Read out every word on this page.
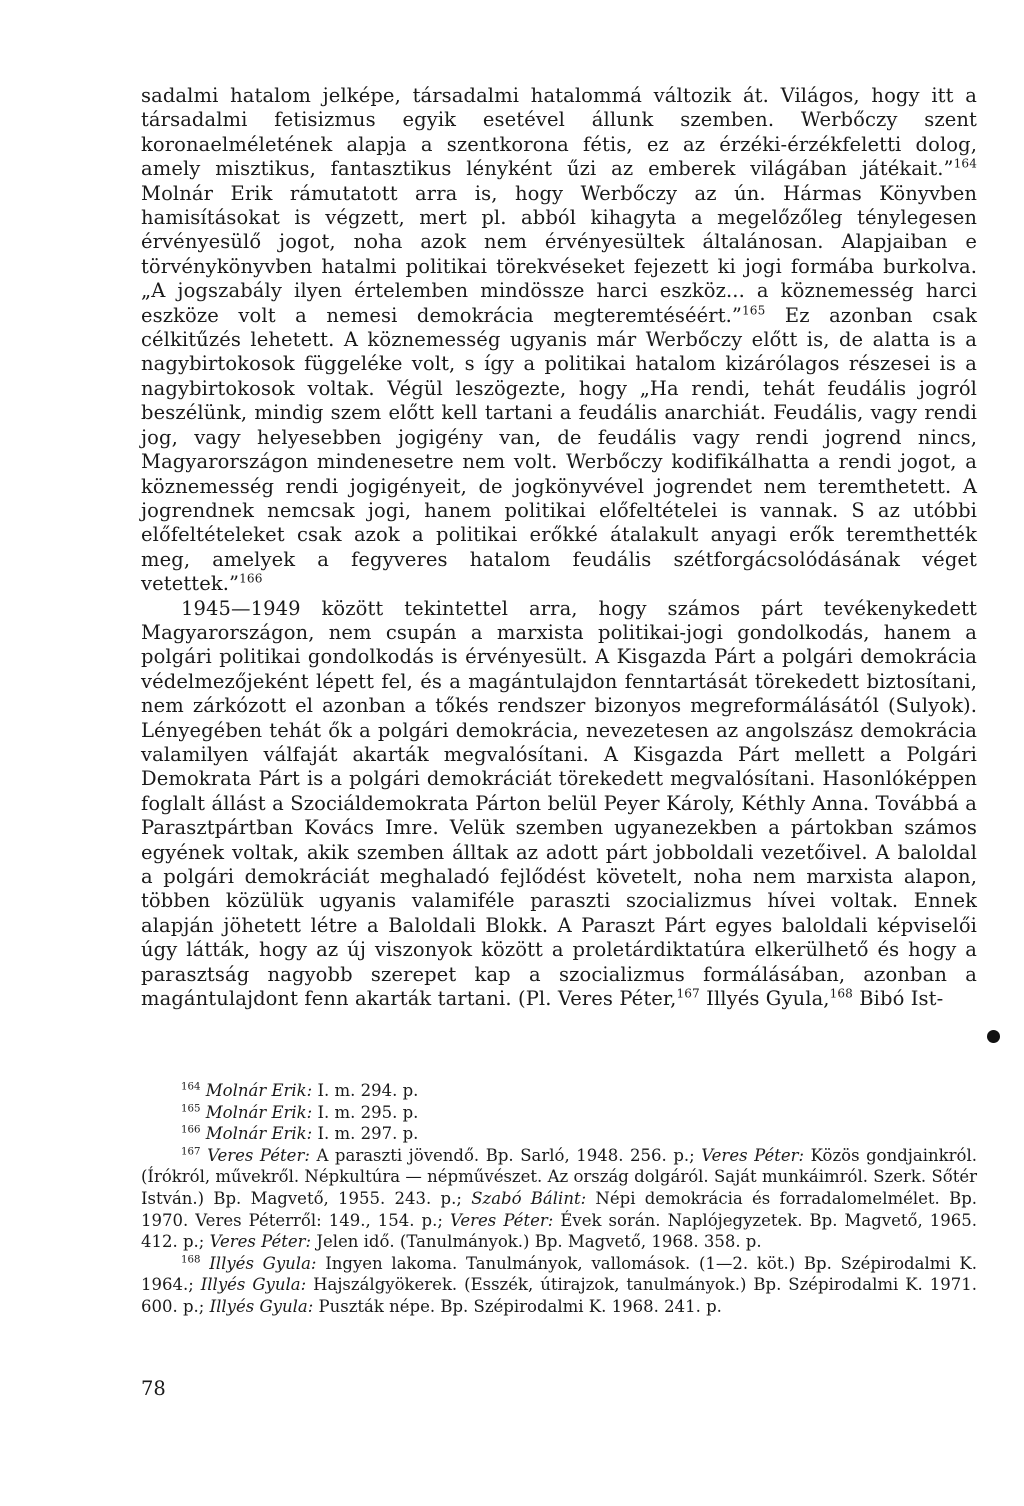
sadalmi hatalom jelképe, társadalmi hatalommá változik át. Világos, hogy itt a társadalmi fetisizmus egyik esetével állunk szemben. Werbőczy szent koronaelméletének alapja a szentkorona fétis, ez az érzéki-érzékfeletti dolog, amely misztikus, fantasztikus lényként űzi az emberek világában játékait.”$^{164}$ Molnár Erik rámutatott arra is, hogy Werbőczy az ún. Hármas Könyvben hamisításokat is végzett, mert pl. abból kihagyta a megelőzőleg ténylegesen érvényesülő jogot, noha azok nem érvényesültek általánosan. Alapjaiban e törvénykönyvben hatalmi politikai törekvéseket fejezett ki jogi formába burkolva. „A jogszabály ilyen értelemben mindössze harci eszköz... a köznemesség harci eszköze volt a nemesi demokrácia megteremtéséért.”$^{165}$ Ez azonban csak célkitűzés lehetett. A köznemesség ugyanis már Werbőczy előtt is, de alatta is a nagybirtokosok függeléke volt, s így a politikai hatalom kizárólagos részesei is a nagybirtokosok voltak. Végül leszögezte, hogy „Ha rendi, tehát feudális jogról beszélünk, mindig szem előtt kell tartani a feudális anarchiát. Feudális, vagy rendi jog, vagy helyesebben jogigény van, de feudális vagy rendi jogrend nincs, Magyarországon mindenesetre nem volt. Werbőczy kodifikálhatta a rendi jogot, a köznemesség rendi jogigényeit, de jogkönyvével jogrendet nem teremthetett. A jogrendnek nemcsak jogi, hanem politikai előfeltételei is vannak. S az utóbbi előfeltételeket csak azok a politikai erőkké átalakult anyagi erők teremthették meg, amelyek a fegyveres hatalom feudális szétforgácsolódásának véget vetettek.”$^{166}$

1945—1949 között tekintettel arra, hogy számos párt tevékenykedett Magyarországon, nem csupán a marxista politikai-jogi gondolkodás, hanem a polgári politikai gondolkodás is érvényesült. A Kisgazda Párt a polgári demokrácia védelmezőjeként lépett fel, és a magántulajdon fenntartását törekedett biztosítani, nem zárkózott el azonban a tőkés rendszer bizonyos megreformálásától (Sulyok). Lényegében tehát ők a polgári demokrácia, nevezetesen az angolszász demokrácia valamilyen válfaját akarták megvalósítani. A Kisgazda Párt mellett a Polgári Demokrata Párt is a polgári demokráciát törekedett megvalósítani. Hasonlóképpen foglalt állást a Szociáldemokrata Párton belül Peyer Károly, Kéthly Anna. Továbbá a Parasztpártban Kovács Imre. Velük szemben ugyanezekben a pártokban számos egyének voltak, akik szemben álltak az adott párt jobboldali vezetőivel. A baloldal a polgári demokráciát meghaladó fejlődést követelt, noha nem marxista alapon, többen közülük ugyanis valamiféle paraszti szocializmus hívei voltak. Ennek alapján jöhetett létre a Baloldali Blokk. A Paraszt Párt egyes baloldali képviselői úgy látták, hogy az új viszonyok között a proletárdiktatúra elkerülhető és hogy a parasztság nagyobb szerepet kap a szocializmus formálásában, azonban a magántulajdont fenn akarták tartani. (Pl. Veres Péter,$^{167}$ Illyés Gyula,$^{168}$ Bibó Ist-

$^{164}$ Molnár Erik: I. m. 294. p.

$^{165}$ Molnár Erik: I. m. 295. p.

$^{166}$ Molnár Erik: I. m. 297. p.

$^{167}$ Veres Péter: A paraszti jövendő. Bp. Sarló, 1948. 256. p.; Veres Péter: Közös gondjainkról. (Írókról, művekről. Népkultúra — népművészet. Az ország dolgáról. Saját munkáimról. Szerk. Sőtér István.) Bp. Magvető, 1955. 243. p.; Szabó Bálint: Népi demokrácia és forradalomelmélet. Bp. 1970. Veres Péterről: 149., 154. p.; Veres Péter: Évek során. Naplójegyzetek. Bp. Magvető, 1965. 412. p.; Veres Péter: Jelen idő. (Tanulmányok.) Bp. Magvető, 1968. 358. p.

$^{168}$ Illyés Gyula: Ingyen lakoma. Tanulmányok, vallomások. (1—2. köt.) Bp. Szépirodalmi K. 1964.; Illyés Gyula: Hajszálgyökerek. (Esszék, útirajzok, tanulmányok.) Bp. Szépirodalmi K. 1971. 600. p.; Illyés Gyula: Puszták népe. Bp. Szépirodalmi K. 1968. 241. p.

78
